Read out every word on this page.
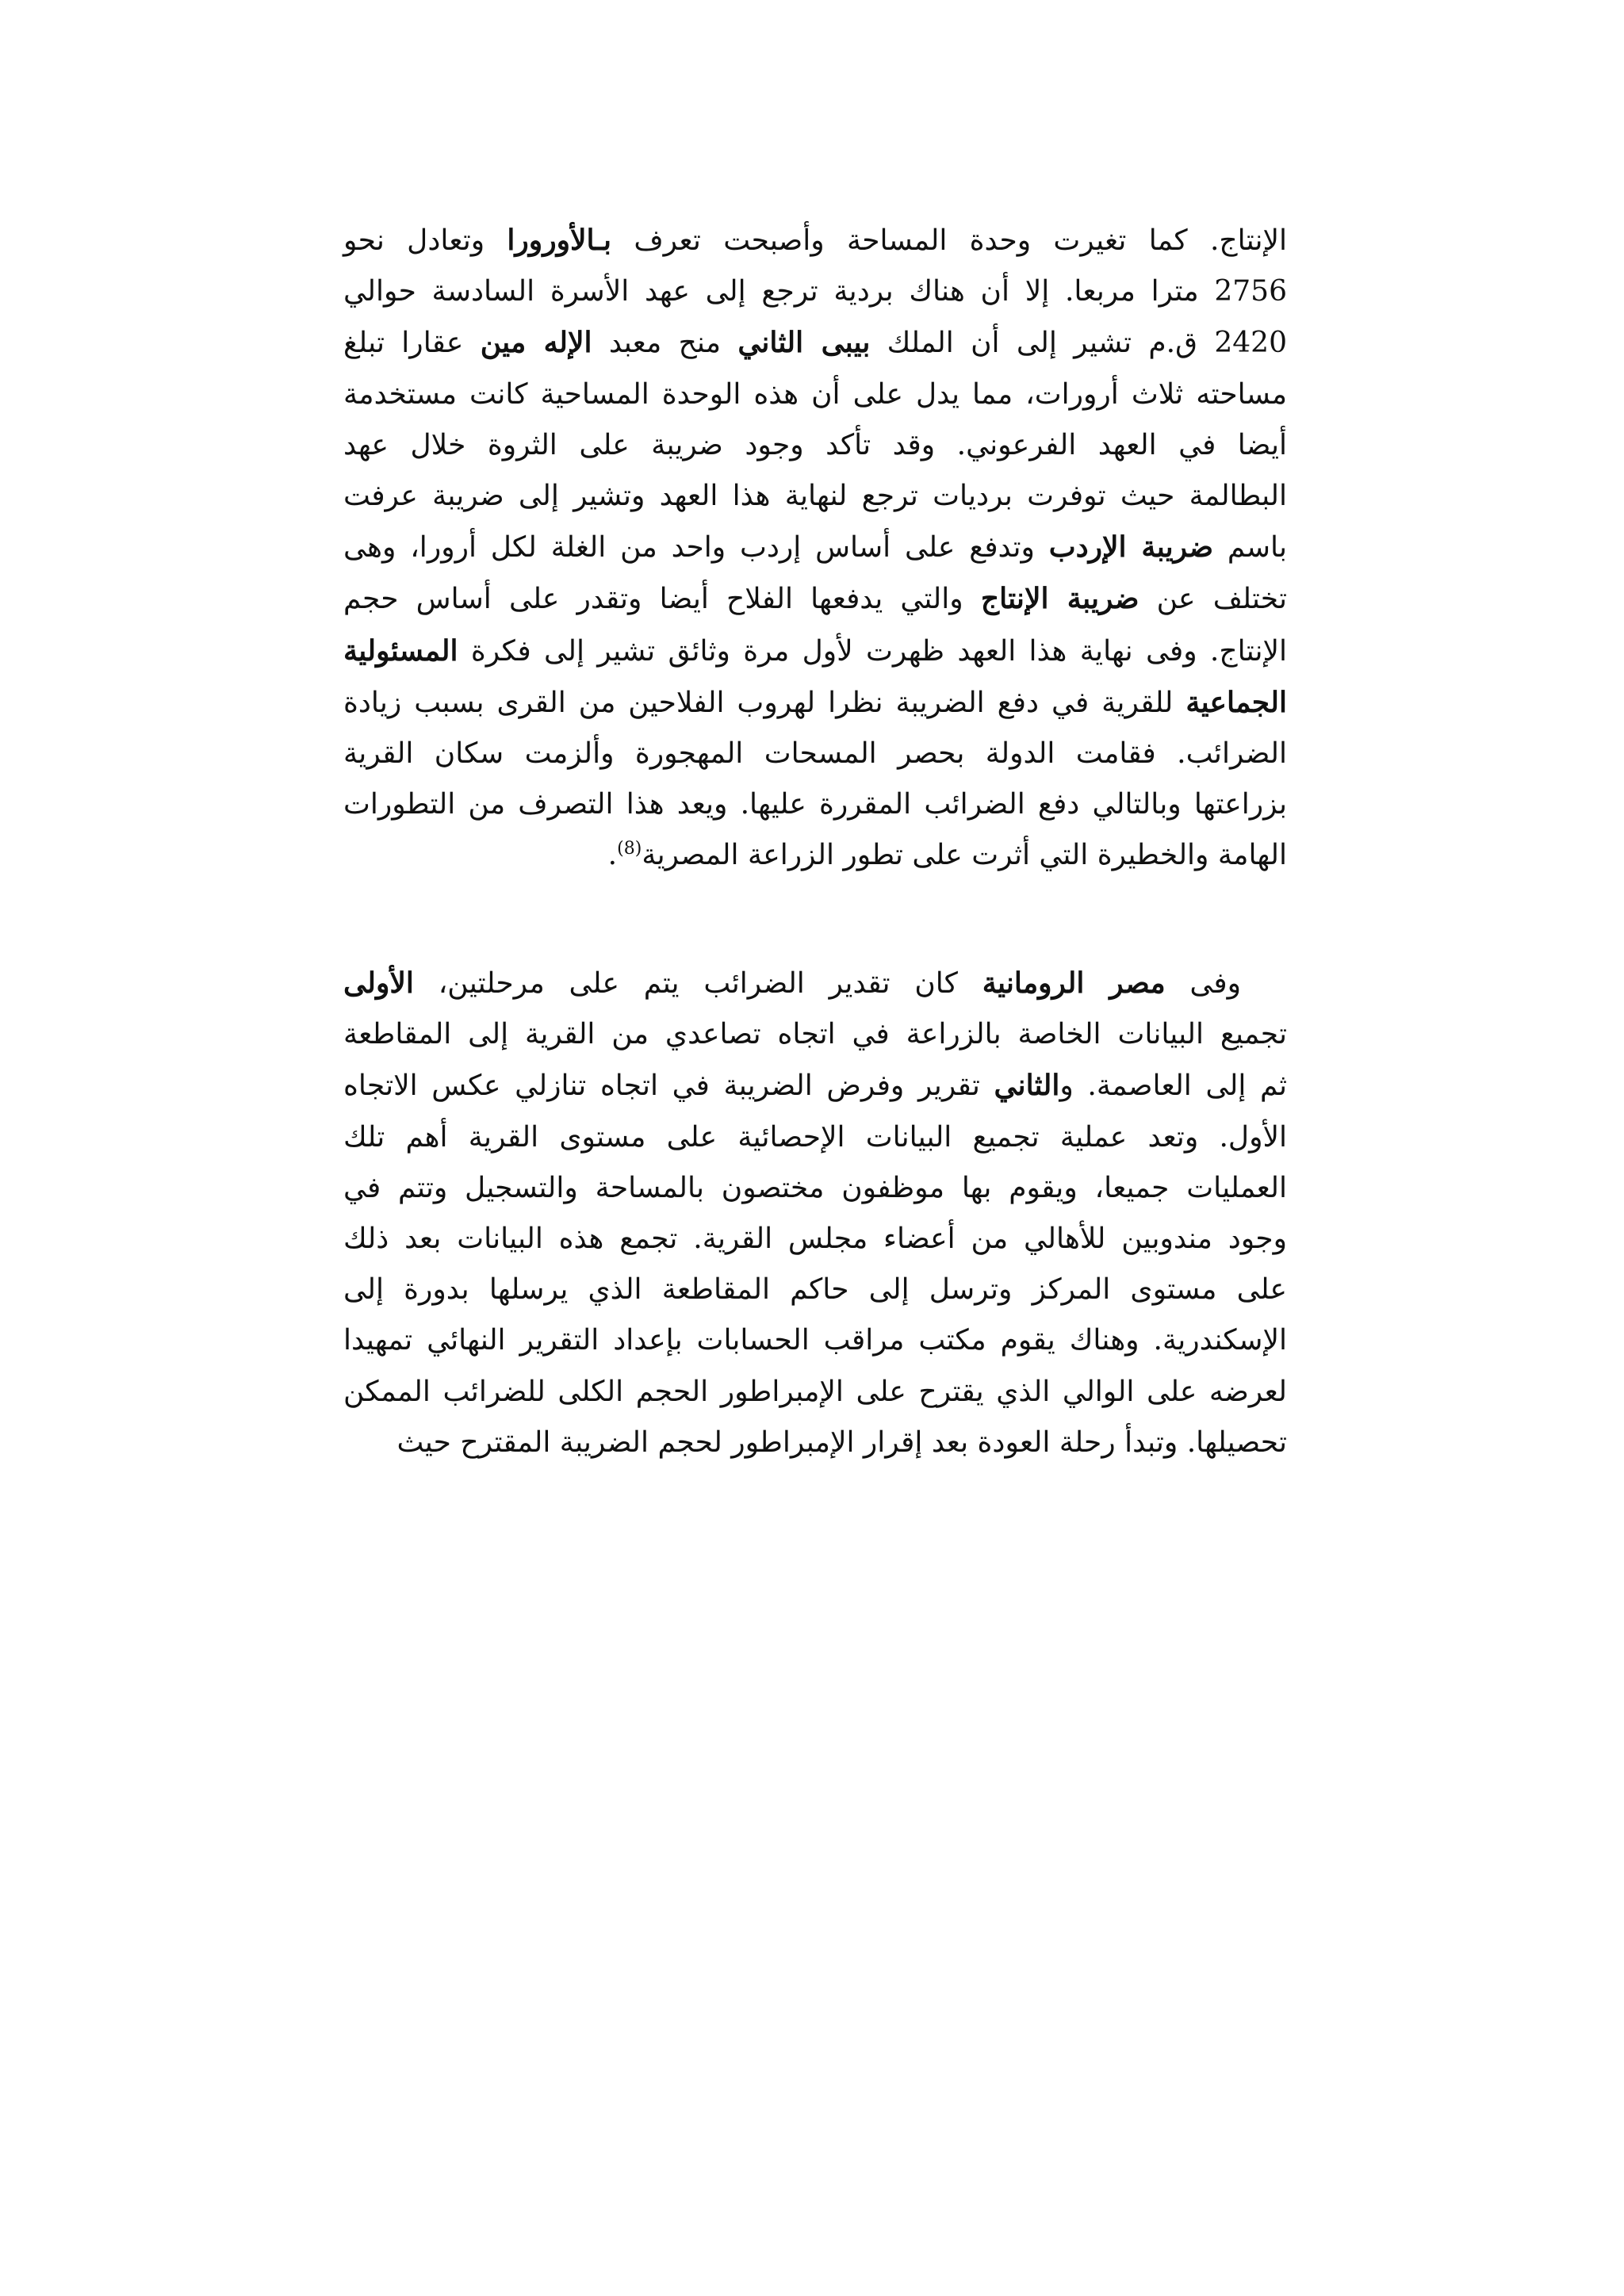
الإنتاج. كما تغيرت وحدة المساحة وأصبحت تعرف بـالأورورا وتعادل نحو
2756 مترا مربعا. إلا أن هناك بردية ترجع إلى عهد الأسرة السادسة حوالي
2420 ق.م تشير إلى أن الملك بيبى الثاني منح معبد الإله مين عقارا تبلغ
مساحته ثلاث أرورات، مما يدل على أن هذه الوحدة المساحية كانت مستخدمة
أيضا في العهد الفرعوني. وقد تأكد وجود ضريبة على الثروة خلال عهد
البطالمة حيث توفرت برديات ترجع لنهاية هذا العهد وتشير إلى ضريبة عرفت
باسم ضريبة الإردب وتدفع على أساس إردب واحد من الغلة لكل أرورا، وهى
تختلف عن ضريبة الإنتاج والتي يدفعها الفلاح أيضا وتقدر على أساس حجم
الإنتاج. وفى نهاية هذا العهد ظهرت لأول مرة وثائق تشير إلى فكرة المسئولية
الجماعية للقرية في دفع الضريبة نظرا لهروب الفلاحين من القرى بسبب زيادة
الضرائب. فقامت الدولة بحصر المسحات المهجورة وألزمت سكان القرية
بزراعتها وبالتالي دفع الضرائب المقررة عليها. ويعد هذا التصرف من التطورات
الهامة والخطيرة التي أثرت على تطور الزراعة المصرية$^{(8)}$.
وفى مصر الرومانية كان تقدير الضرائب يتم على مرحلتين، الأولى
تجميع البيانات الخاصة بالزراعة في اتجاه تصاعدي من القرية إلى المقاطعة
ثم إلى العاصمة. والثاني تقرير وفرض الضريبة في اتجاه تنازلي عكس الاتجاه
الأول. وتعد عملية تجميع البيانات الإحصائية على مستوى القرية أهم تلك
العمليات جميعا، ويقوم بها موظفون مختصون بالمساحة والتسجيل وتتم في
وجود مندوبين للأهالي من أعضاء مجلس القرية. تجمع هذه البيانات بعد ذلك
على مستوى المركز وترسل إلى حاكم المقاطعة الذي يرسلها بدورة إلى
الإسكندرية. وهناك يقوم مكتب مراقب الحسابات بإعداد التقرير النهائي تمهيدا
لعرضه على الوالي الذي يقترح على الإمبراطور الحجم الكلى للضرائب الممكن
تحصيلها. وتبدأ رحلة العودة بعد إقرار الإمبراطور لحجم الضريبة المقترح حيث
